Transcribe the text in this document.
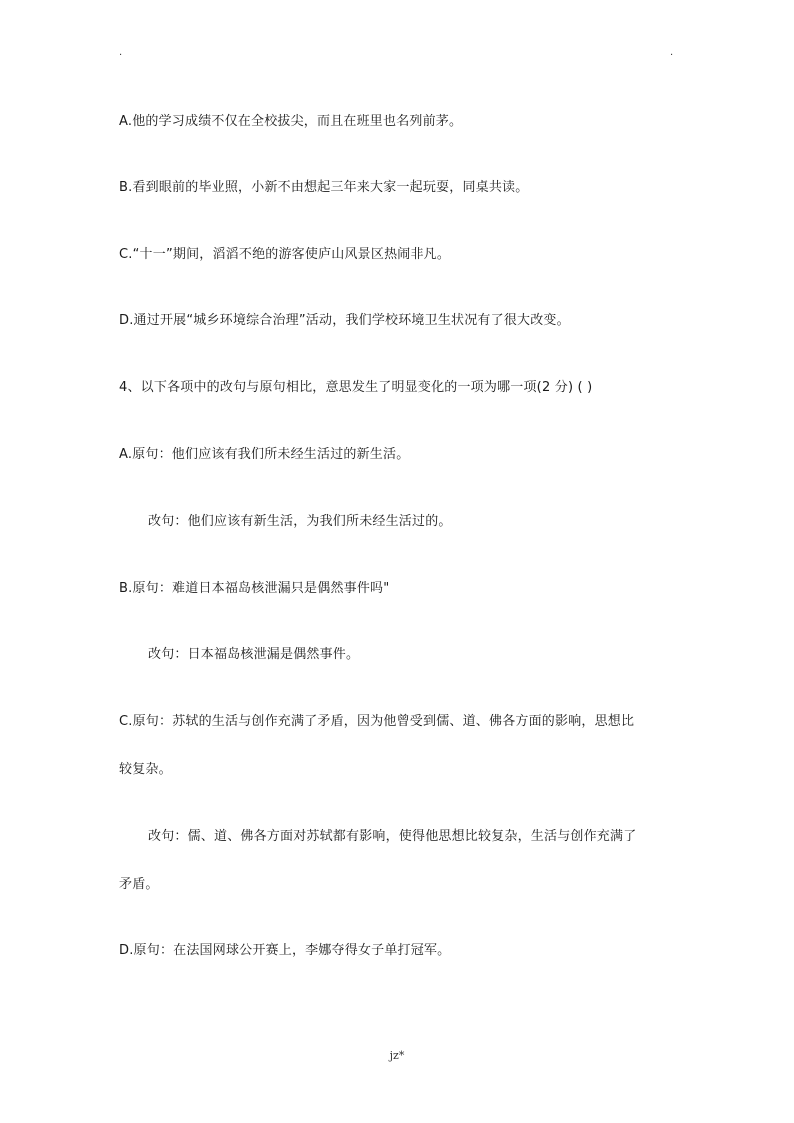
.	.
A.他的学习成绩不仅在全校拔尖，而且在班里也名列前茅。
B.看到眼前的毕业照，小新不由想起三年来大家一起玩耍，同桌共读。
C.“十一”期间，滔滔不绝的游客使庐山风景区热闹非凡。
D.通过开展“城乡环境综合治理”活动，我们学校环境卫生状况有了很大改变。
4、以下各项中的改句与原句相比，意思发生了明显变化的一项为哪一项(2 分) ( )
A.原句：他们应该有我们所未经生活过的新生活。
改句：他们应该有新生活，为我们所未经生活过的。
B.原句：难道日本福岛核泄漏只是偶然事件吗"
改句：日本福岛核泄漏是偶然事件。
C.原句：苏轼的生活与创作充满了矛盾，因为他曾受到儒、道、佛各方面的影响，思想比
较复杂。
改句：儒、道、佛各方面对苏轼都有影响，使得他思想比较复杂，生活与创作充满了
矛盾。
D.原句：在法国网球公开赛上，李娜夺得女子单打冠军。
jz*
